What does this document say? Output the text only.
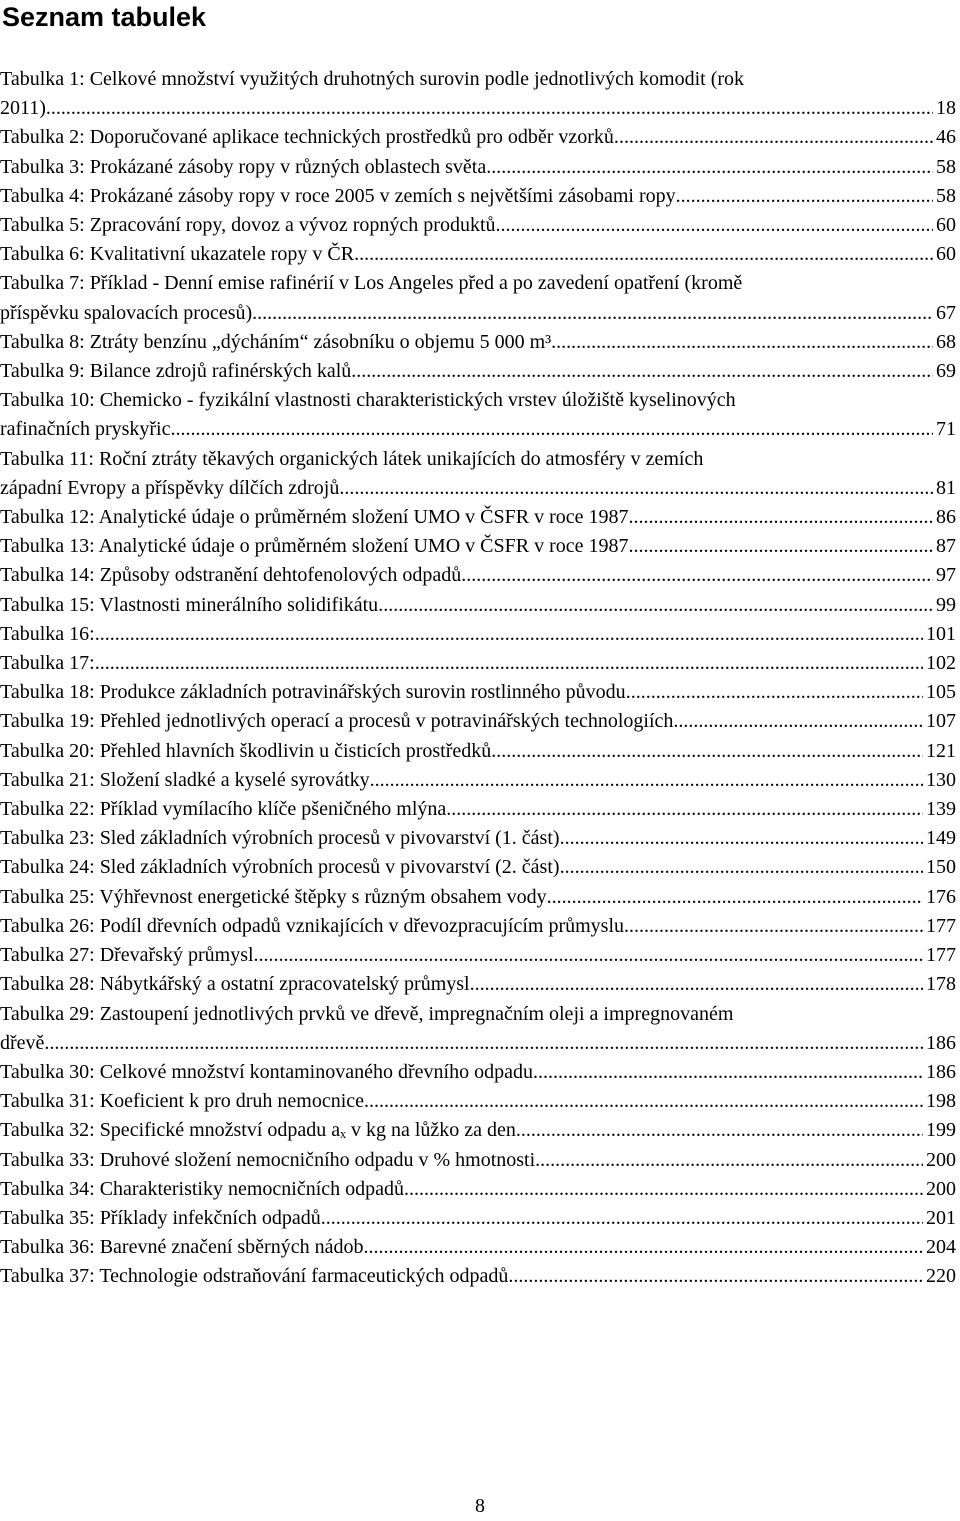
Seznam tabulek
Tabulka 1: Celkové množství využitých druhotných surovin podle jednotlivých komodit (rok
2011). .....	18
Tabulka 2: Doporučované aplikace technických prostředků pro odběr vzorků. .....	46
Tabulka 3: Prokázané zásoby ropy v různých oblastech světa .....	58
Tabulka 4: Prokázané zásoby ropy v roce 2005 v zemích s největšími zásobami ropy .....	58
Tabulka 5: Zpracování ropy, dovoz a vývoz ropných produktů .....	60
Tabulka 6: Kvalitativní ukazatele ropy v ČR .....	60
Tabulka 7: Příklad - Denní emise rafinérií v Los Angeles před a po zavedení opatření (kromě
příspěvku spalovacích procesů) .....	67
Tabulka 8: Ztráty benzínu „dýcháním“ zásobníku o objemu 5 000 m³ .....	68
Tabulka 9: Bilance zdrojů rafinérských kalů .....	69
Tabulka 10: Chemicko - fyzikální vlastnosti charakteristických vrstev úložiště kyselinových
rafinačních pryskyřic .....	71
Tabulka 11: Roční ztráty těkavých organických látek unikajících do atmosféry v zemích
západní Evropy a příspěvky dílčích zdrojů .....	81
Tabulka 12: Analytické údaje o průměrném složení UMO v ČSFR v roce 1987. .....	86
Tabulka 13: Analytické údaje o průměrném složení UMO v ČSFR v roce 1987. .....	87
Tabulka 14: Způsoby odstranění dehtofenolových odpadů .....	97
Tabulka 15: Vlastnosti minerálního solidifikátu .....	99
Tabulka 16: .....	101
Tabulka 17: .....	102
Tabulka 18: Produkce základních potravinářských surovin rostlinného původu .....	105
Tabulka 19: Přehled jednotlivých operací a procesů v potravinářských technologiích .....	107
Tabulka 20: Přehled hlavních škodlivin u čisticích prostředků .....	121
Tabulka 21: Složení sladké a kyselé syrovátky .....	130
Tabulka 22: Příklad vymílacího klíče pšeničného mlýna .....	139
Tabulka 23: Sled základních výrobních procesů v pivovarství (1. část) .....	149
Tabulka 24: Sled základních výrobních procesů v pivovarství (2. část) .....	150
Tabulka 25: Výhřevnost energetické štěpky s různým obsahem vody .....	176
Tabulka 26: Podíl dřevních odpadů vznikajících v dřevozpracujícím průmyslu .....	177
Tabulka 27: Dřevařský průmysl .....	177
Tabulka 28: Nábytkářský a ostatní zpracovatelský průmysl .....	178
Tabulka 29: Zastoupení jednotlivých prvků ve dřevě, impregnačním oleji a impregnovaném
dřevě .....	186
Tabulka 30: Celkové množství kontaminovaného dřevního odpadu .....	186
Tabulka 31: Koeficient k pro druh nemocnice .....	198
Tabulka 32: Specifické množství odpadu aₓ v kg na lůžko za den .....	199
Tabulka 33: Druhové složení nemocničního odpadu v % hmotnosti .....	200
Tabulka 34: Charakteristiky nemocničních odpadů .....	200
Tabulka 35: Příklady infekčních odpadů .....	201
Tabulka 36: Barevné značení sběrných nádob .....	204
Tabulka 37: Technologie odstraňování farmaceutických odpadů .....	220
8
